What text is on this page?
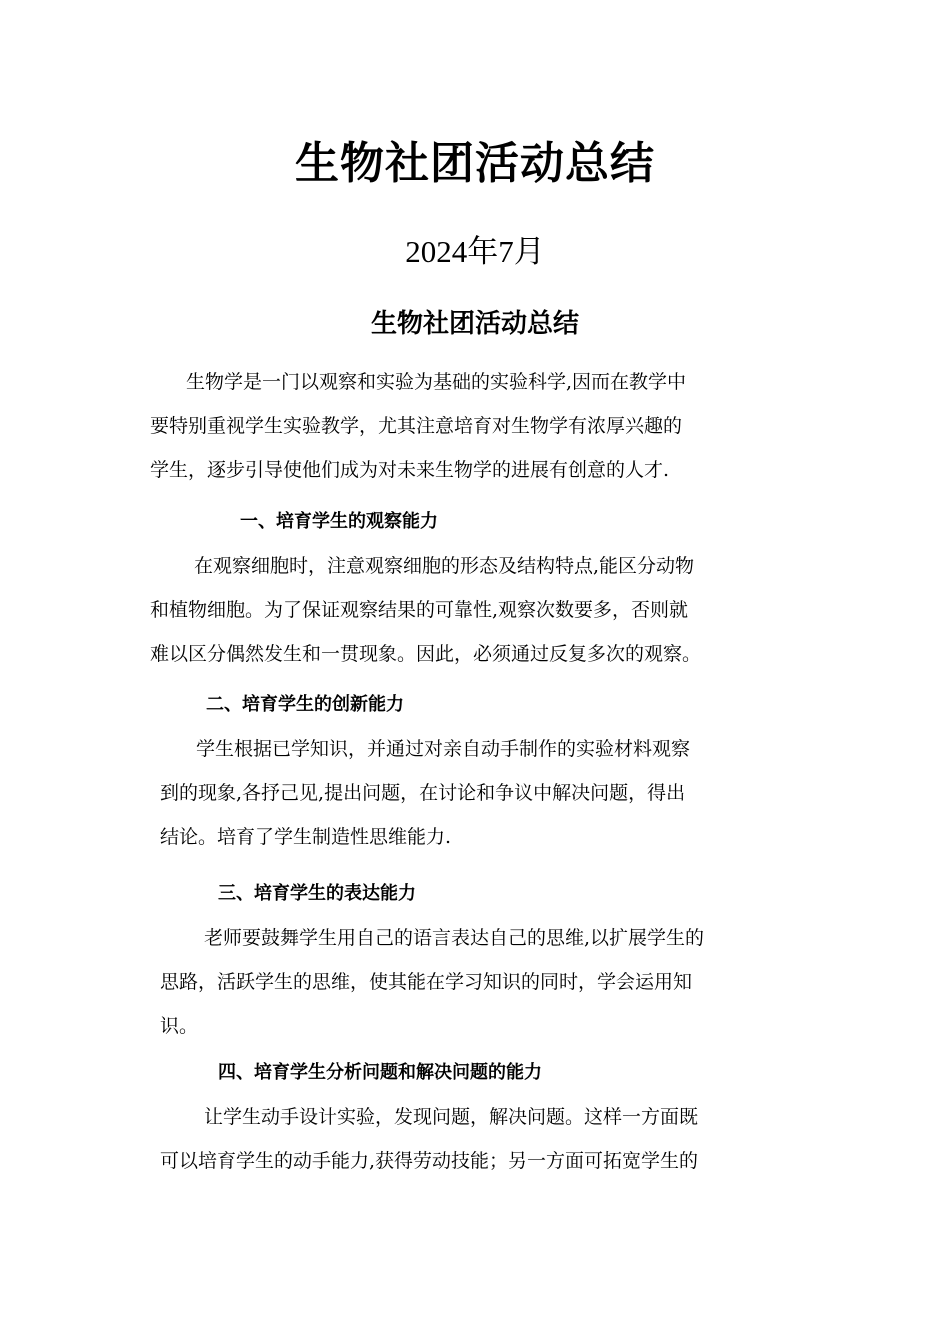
生物社团活动总结

2024年7月

生物社团活动总结
生物学是一门以观察和实验为基础的实验科学,因而在教学中
要特别重视学生实验教学，尤其注意培育对生物学有浓厚兴趣的
学生，逐步引导使他们成为对未来生物学的进展有创意的人才.
一、培育学生的观察能力
在观察细胞时，注意观察细胞的形态及结构特点,能区分动物
和植物细胞。为了保证观察结果的可靠性,观察次数要多，否则就
难以区分偶然发生和一贯现象。因此，必须通过反复多次的观察。
二、培育学生的创新能力
学生根据已学知识，并通过对亲自动手制作的实验材料观察
到的现象,各抒己见,提出问题，在讨论和争议中解决问题，得出
结论。培育了学生制造性思维能力.
三、培育学生的表达能力
老师要鼓舞学生用自己的语言表达自己的思维,以扩展学生的
思路，活跃学生的思维，使其能在学习知识的同时，学会运用知
识。
四、培育学生分析问题和解决问题的能力
让学生动手设计实验，发现问题，解决问题。这样一方面既
可以培育学生的动手能力,获得劳动技能；另一方面可拓宽学生的
